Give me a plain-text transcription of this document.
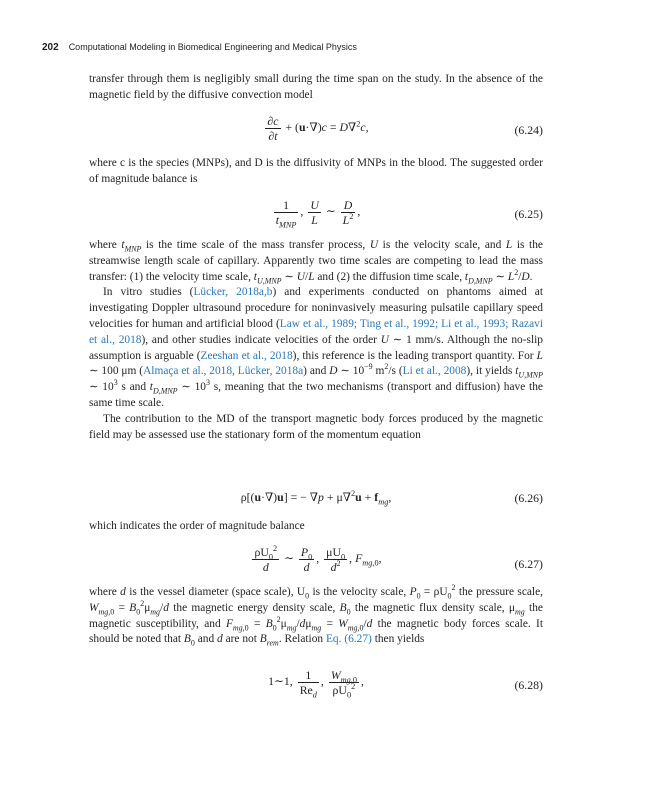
202 Computational Modeling in Biomedical Engineering and Medical Physics

transfer through them is negligibly small during the time span on the study. In the absence of the magnetic field by the diffusive convection model

$\frac{\partial c}{\partial t} + (u\cdot\nabla)c = D\nabla^2c$,	(6.24)

where c is the species (MNPs), and D is the diffusivity of MNPs in the blood. The suggested order of magnitude balance is

$\frac{1}{t_{MNP}}$ , $\frac{U}{L}$ ∼ $\frac{D}{L^2}$ ,	(6.25)

where $t_{MNP}$ is the time scale of the mass transfer process, U is the velocity scale, and L is the streamwise length scale of capillary. Apparently two time scales are competing to lead the mass transfer: (1) the velocity time scale, $t_{U,MNP}$ ∼ U/L and (2) the diffusion time scale, $t_{D,MNP}$ ∼ $L^2/D$.

In vitro studies (Lücker, 2018a,b) and experiments conducted on phantoms aimed at investigating Doppler ultrasound procedure for noninvasively measuring pulsatile capillary speed velocities for human and artificial blood (Law et al., 1989; Ting et al., 1992; Li et al., 1993; Razavi et al., 2018), and other studies indicate velocities of the order U ∼ 1 mm/s. Although the no-slip assumption is arguable (Zeeshan et al., 2018), this reference is the leading transport quantity. For L ∼ 100 μm (Almaça et al., 2018, Lücker, 2018a) and D ∼ $10^{-9}$ $m^2/s$ (Li et al., 2008), it yields $t_{U,MNP}$ ∼ $10^3$ s and $t_{D,MNP}$ ∼ $10^3$ s, meaning that the two mechanisms (transport and diffusion) have the same time scale.

The contribution to the MD of the transport magnetic body forces produced by the magnetic field may be assessed use the stationary form of the momentum equation

ρ[(u·∇)u] = − $\nabla p + \mu\nabla^2u + f_{mg}$,	(6.26)

which indicates the order of magnitude balance

$\frac{\rho U_0^2}{d}$ ∼ $\frac{P_0}{d}$ , $\frac{\mu U_0}{d^2}$ , $F_{mg,0}$,	(6.27)

where d is the vessel diameter (space scale), $U_0$ is the velocity scale, $P_0 = \rho U_0^2$ the pressure scale, $W_{mg,0} = B_0^2\mu_{mg}/d$ the magnetic energy density scale, $B_0$ the magnetic flux density scale, $\mu_{mg}$ the magnetic susceptibility, and $F_{mg,0} = B_0^2\mu_{mg}/d\mu_{mg} = W_{mg,0}/d$ the magnetic body forces scale. It should be noted that $B_0$ and d are not $B_{rem}$. Relation Eq. (6.27) then yields

1∼1, $\frac{1}{Re_d}$ , $\frac{W_{mg,0}}{\rho U_0^2}$ ,	(6.28)
